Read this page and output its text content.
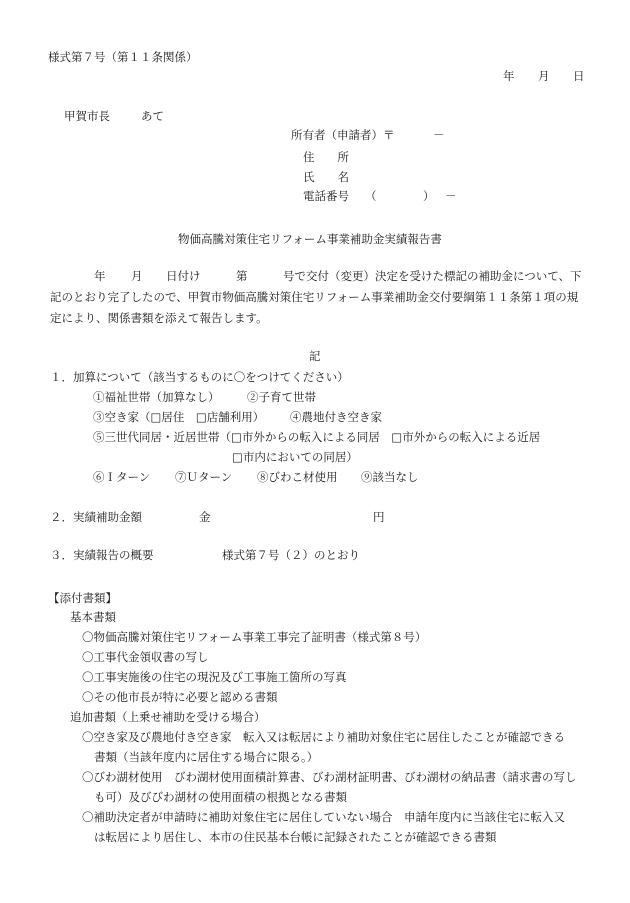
様式第７号（第１１条関係）
年 月 日
甲賀市長	あて
所有者（申請者）〒	－
住　　所
氏　　名
電話番号 （	） －
物価高騰対策住宅リフォーム事業補助金実績報告書
年 月 日付け	第	号で交付（変更）決定を受けた標記の補助金について、下
記のとおり完了したので、甲賀市物価高騰対策住宅リフォーム事業補助金交付要綱第１１条第１項の規
定により、関係書類を添えて報告します。
記
１．加算について（該当するものに〇をつけてください）
①福祉世帯（加算なし） ②子育て世帯
③空き家（□居住　□店舗利用） ④農地付き空き家
⑤三世代同居・近居世帯（□市外からの転入による同居　□市外からの転入による近居
□市内においての同居）
⑥Ｉターン ⑦Ｕターン ⑧びわこ材使用 ⑨該当なし
２．実績補助金額	金	円
３．実績報告の概要	様式第７号（２）のとおり
【添付書類】
基本書類
〇物価高騰対策住宅リフォーム事業工事完了証明書（様式第８号）
〇工事代金領収書の写し
〇工事実施後の住宅の現況及び工事施工箇所の写真
〇その他市長が特に必要と認める書類
追加書類（上乗せ補助を受ける場合）
〇空き家及び農地付き空き家　転入又は転居により補助対象住宅に居住したことが確認できる
書類（当該年度内に居住する場合に限る。）
〇びわ湖材使用　びわ湖材使用面積計算書、びわ湖材証明書、びわ湖材の納品書（請求書の写し
も可）及びびわ湖材の使用面積の根拠となる書類
〇補助決定者が申請時に補助対象住宅に居住していない場合　申請年度内に当該住宅に転入又
は転居により居住し、本市の住民基本台帳に記録されたことが確認できる書類
